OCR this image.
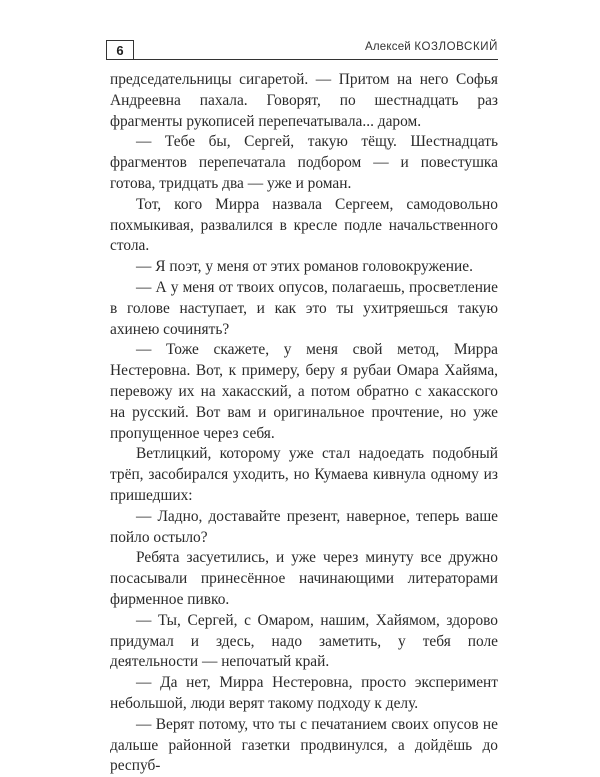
6	Алексей КОЗЛОВСКИЙ

председательницы сигаретой. — Притом на него Софья Андреевна пахала. Говорят, по шестнадцать раз фрагменты рукописей перепечатывала... даром.

— Тебе бы, Сергей, такую тёщу. Шестнадцать фрагментов перепечатала подбором — и повестушка готова, тридцать два — уже и роман.

Тот, кого Мирра назвала Сергеем, самодовольно похмыкивая, развалился в кресле подле начальственного стола.

— Я поэт, у меня от этих романов головокружение.

— А у меня от твоих опусов, полагаешь, просветление в голове наступает, и как это ты ухитряешься такую ахинею сочинять?

— Тоже скажете, у меня свой метод, Мирра Нестеровна. Вот, к примеру, беру я рубаи Омара Хайяма, перевожу их на хакасский, а потом обратно с хакасского на русский. Вот вам и оригинальное прочтение, но уже пропущенное через себя.

Ветлицкий, которому уже стал надоедать подобный трёп, засобирался уходить, но Кумаева кивнула одному из пришедших:

— Ладно, доставайте презент, наверное, теперь ваше пойло остыло?

Ребята засуетились, и уже через минуту все дружно посасывали принесённое начинающими литераторами фирменное пивко.

— Ты, Сергей, с Омаром, нашим, Хайямом, здорово придумал и здесь, надо заметить, у тебя поле деятельности — непочатый край.

— Да нет, Мирра Нестеровна, просто эксперимент небольшой, люди верят такому подходу к делу.

— Верят потому, что ты с печатанием своих опусов не дальше районной газетки продвинулся, а дойдёшь до респуб-
